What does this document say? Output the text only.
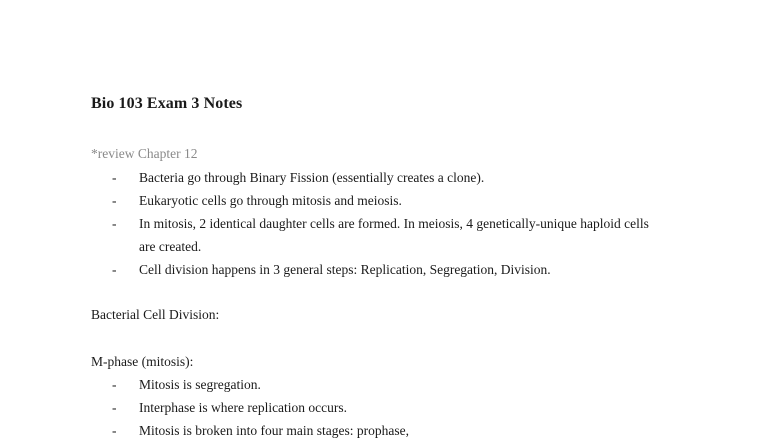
Bio 103 Exam 3 Notes
*review Chapter 12
- Bacteria go through Binary Fission (essentially creates a clone).
- Eukaryotic cells go through mitosis and meiosis.
- In mitosis, 2 identical daughter cells are formed. In meiosis, 4 genetically-unique haploid cells
are created.
- Cell division happens in 3 general steps: Replication, Segregation, Division.
Bacterial Cell Division:
M-phase (mitosis):
- Mitosis is segregation.
- Interphase is where replication occurs.
- Mitosis is broken into four main stages: prophase,
